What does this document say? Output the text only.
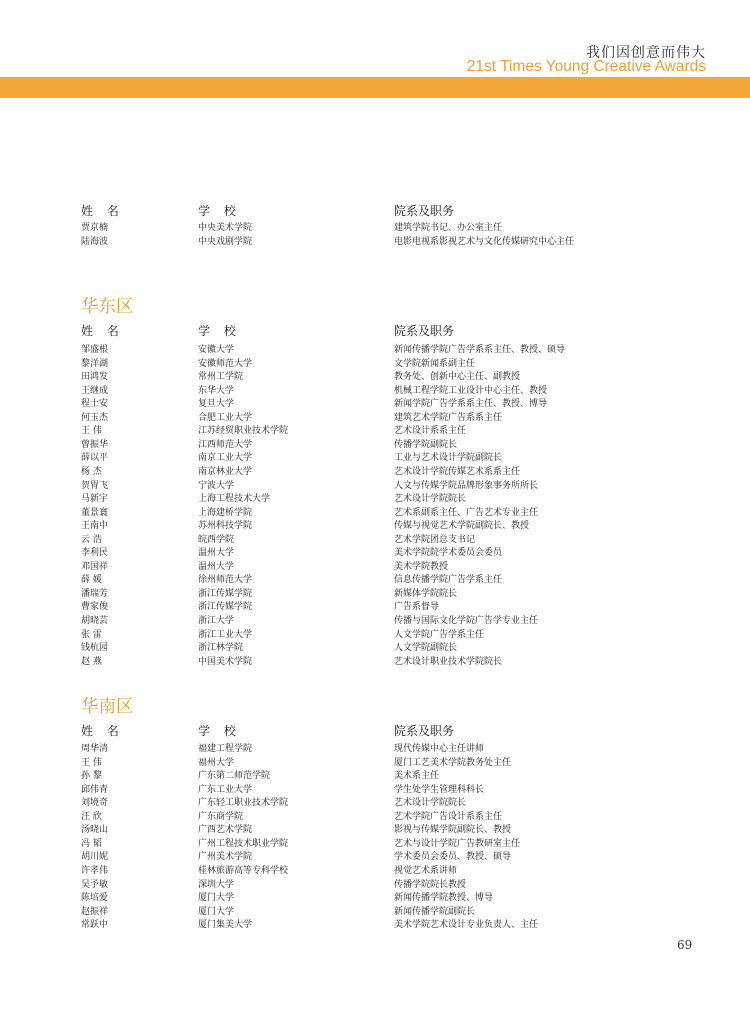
我们因创意而伟大
21st Times Young Creative Awards
姓 名	学 校	院系及职务
贾京楠	中央美术学院	建筑学院书记、办公室主任
陆海波	中央戏剧学院	电影电视系影视艺术与文化传媒研究中心主任
华东区
姓 名	学 校	院系及职务
邹盛根	安徽大学	新闻传播学院广告学系系主任、教授、硕导
黎洋湖	安徽师范大学	文学院新闻系副主任
田鸿发	常州工学院	教务处、创新中心主任、副教授
王继成	东华大学	机械工程学院工业设计中心主任、教授
程士安	复旦大学	新闻学院广告学系系主任、教授、博导
何玉杰	合肥工业大学	建筑艺术学院广告系系主任
王 伟	江苏经贸职业技术学院	艺术设计系系主任
曾振华	江西师范大学	传播学院副院长
薛以平	南京工业大学	工业与艺术设计学院副院长
杨 杰	南京林业大学	艺术设计学院传媒艺术系系主任
贺胃飞	宁波大学	人文与传媒学院品牌形象事务所所长
马新宇	上海工程技术大学	艺术设计学院院长
董景寰	上海建桥学院	艺术系副系主任、广告艺术专业主任
王南中	苏州科技学院	传媒与视觉艺术学院副院长、教授
云 浩	皖西学院	艺术学院团总支书记
李利民	温州大学	美术学院院学术委员会委员
邓国祥	温州大学	美术学院教授
薛 媛	徐州师范大学	信息传播学院广告学系主任
潘瑞芳	浙江传媒学院	新媒体学院院长
曹家俊	浙江传媒学院	广告系督导
胡晓芸	浙江大学	传播与国际文化学院广告学专业主任
张 雷	浙江工业大学	人文学院广告学系主任
钱杭园	浙江林学院	人文学院副院长
赵 燕	中国美术学院	艺术设计职业技术学院院长
华南区
姓 名	学 校	院系及职务
周华清	福建工程学院	现代传媒中心主任讲师
王 伟	福州大学	厦门工艺美术学院教务处主任
孙 黎	广东第二师范学院	美术系主任
邱伟青	广东工业大学	学生处学生管理科科长
刘境奇	广东轻工职业技术学院	艺术设计学院院长
汪 欣	广东商学院	艺术学院广告设计系系主任
汤晓山	广西艺术学院	影视与传媒学院副院长、教授
冯 韬	广州工程技术职业学院	艺术与设计学院广告教研室主任
胡川妮	广州美术学院	学术委员会委员、教授、硕导
许孝伟	桂林旅游高等专科学校	视觉艺术系讲师
吴予敏	深圳大学	传播学院院长教授
陈培爱	厦门大学	新闻传播学院教授、博导
赵振祥	厦门大学	新闻传播学院副院长
常跃中	厦门集美大学	美术学院艺术设计专业负责人、主任
69
